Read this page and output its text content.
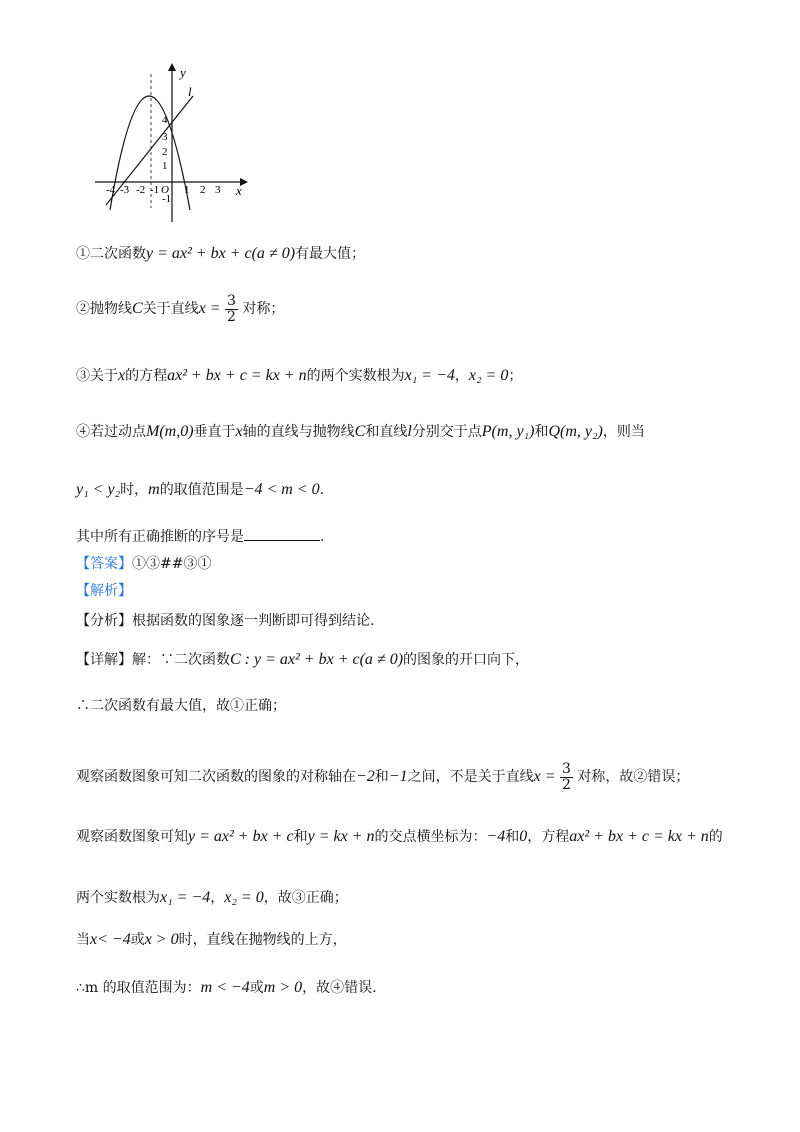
x
y
l
4
3
2
1
-1
-4 -3 -2 -1 O 1 2 3
①二次函数y = ax² + bx + c(a ≠ 0)有最大值；
②抛物线C关于直线$x = \frac{3}{2}$ 对称；
③关于x的方程ax² + bx + c = kx + n的两个实数根为x₁ = −4，x₂ = 0；
④若过动点M(m,0)垂直于x轴的直线与抛物线C和直线l分别交于点P(m, y₁)和Q(m, y₂)，则当
y₁ < y₂时，m的取值范围是−4 < m < 0.
其中所有正确推断的序号是	.
【答案】①③##③①
【解析】
【分析】根据函数的图象逐一判断即可得到结论.
【详解】解：∵二次函数C : y = ax² + bx + c(a ≠ 0)的图象的开口向下，
∴二次函数有最大值，故①正确；
观察函数图象可知二次函数的图象的对称轴在−2和−1之间，不是关于直线$x = \frac{3}{2}$ 对称，故②错误；
观察函数图象可知y = ax² + bx + c和y = kx + n的交点横坐标为：−4和0，方程ax² + bx + c = kx + n的
两个实数根为x₁ = −4，x₂ = 0，故③正确；
当x< −4或x > 0时，直线在抛物线的上方，
∴m 的取值范围为：m < −4或m > 0，故④错误.
